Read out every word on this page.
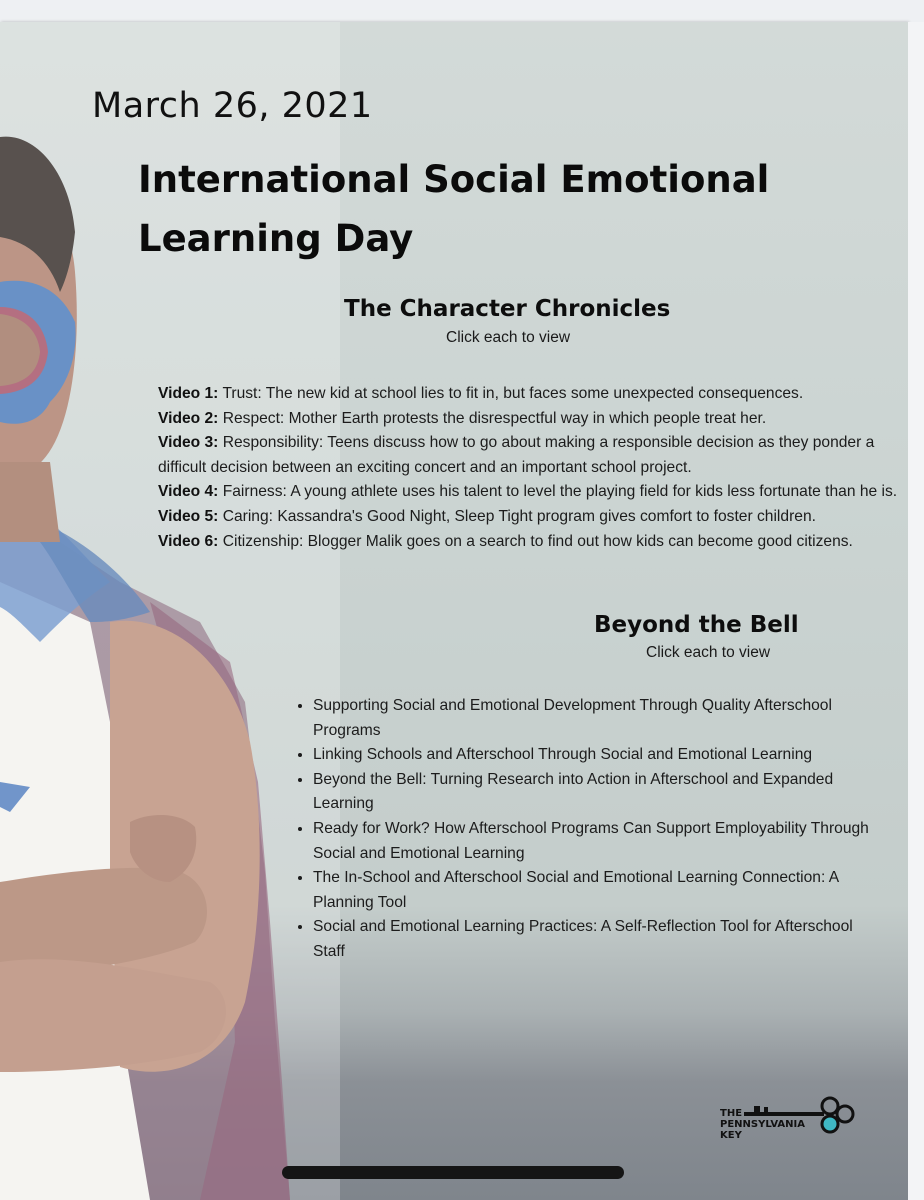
March 26, 2021
International Social Emotional Learning Day
The Character Chronicles
Click each to view
Video 1: Trust: The new kid at school lies to fit in, but faces some unexpected consequences.
Video 2: Respect: Mother Earth protests the disrespectful way in which people treat her.
Video 3: Responsibility: Teens discuss how to go about making a responsible decision as they ponder a difficult decision between an exciting concert and an important school project.
Video 4: Fairness: A young athlete uses his talent to level the playing field for kids less fortunate than he is.
Video 5: Caring: Kassandra's Good Night, Sleep Tight program gives comfort to foster children.
Video 6: Citizenship: Blogger Malik goes on a search to find out how kids can become good citizens.
Beyond the Bell
Click each to view
• Supporting Social and Emotional Development Through Quality Afterschool Programs
• Linking Schools and Afterschool Through Social and Emotional Learning
• Beyond the Bell: Turning Research into Action in Afterschool and Expanded Learning
• Ready for Work? How Afterschool Programs Can Support Employability Through Social and Emotional Learning
• The In-School and Afterschool Social and Emotional Learning Connection: A Planning Tool
• Social and Emotional Learning Practices: A Self-Reflection Tool for Afterschool Staff
THE
PENNSYLVANIA
KEY
